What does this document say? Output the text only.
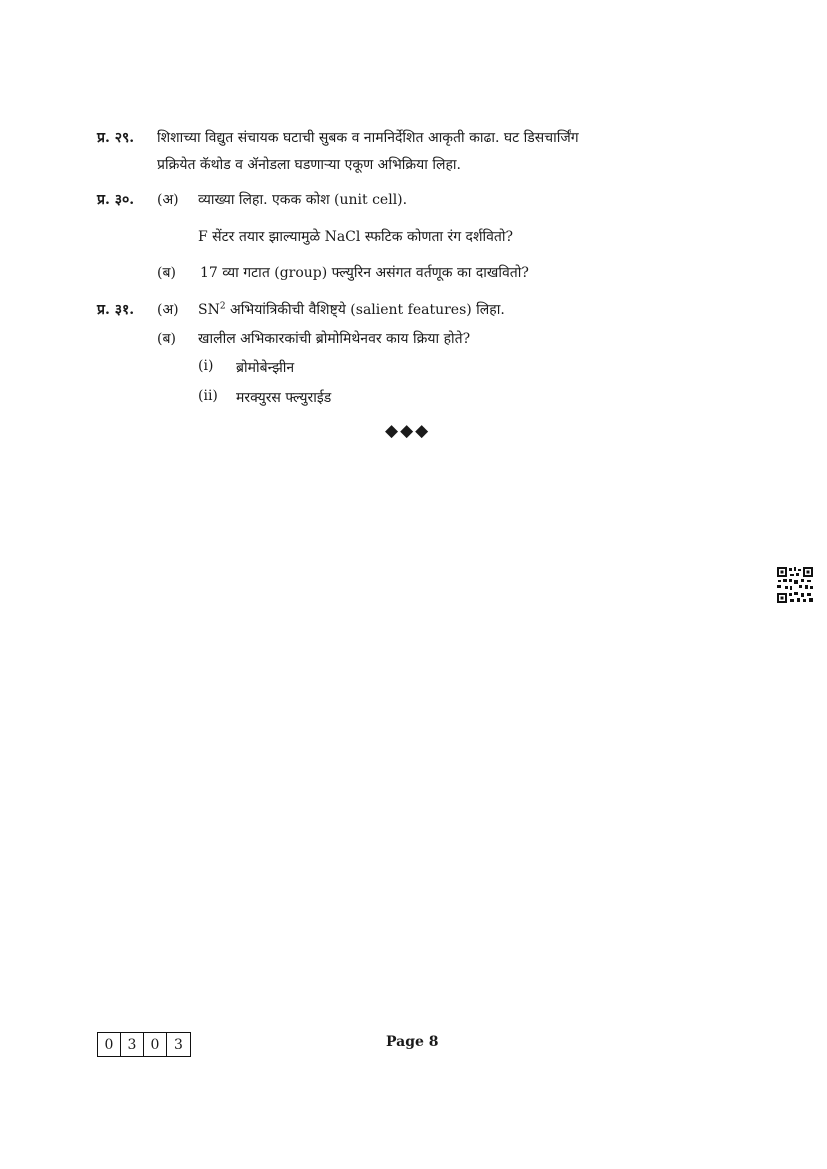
प्र. २९. शिशाच्या विद्युत संचायक घटाची सुबक व नामनिर्देशित आकृती काढा. घट डिसचार्जिंग
प्रक्रियेत कॅथोड व ॲनोडला घडणाऱ्या एकूण अभिक्रिया लिहा.
प्र. ३०. (अ) व्याख्या लिहा. एकक कोश (unit cell).
F सेंटर तयार झाल्यामुळे NaCl स्फटिक कोणता रंग दर्शवितो?
(ब) 17 व्या गटात (group) फ्ल्युरिन असंगत वर्तणूक का दाखवितो?
प्र. ३१. (अ) $SN^2$ अभियांत्रिकीची वैशिष्ट्ये (salient features) लिहा.
(ब) खालील अभिकारकांची ब्रोमोमिथेनवर काय क्रिया होते?
(i) ब्रोमोबेन्झीन
(ii) मरक्युरस फ्ल्युराईड
◆◆◆
0	3	0	3	Page 8
